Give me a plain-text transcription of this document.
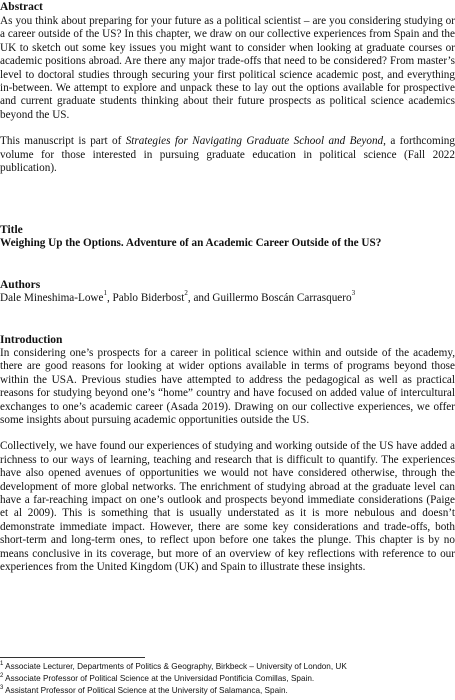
Abstract

As you think about preparing for your future as a political scientist – are you considering studying or a career outside of the US? In this chapter, we draw on our collective experiences from Spain and the UK to sketch out some key issues you might want to consider when looking at graduate courses or academic positions abroad. Are there any major trade-offs that need to be considered? From master’s level to doctoral studies through securing your first political science academic post, and everything in-between. We attempt to explore and unpack these to lay out the options available for prospective and current graduate students thinking about their future prospects as political science academics beyond the US.

This manuscript is part of Strategies for Navigating Graduate School and Beyond, a forthcoming volume for those interested in pursuing graduate education in political science (Fall 2022 publication).

Title

Weighing Up the Options. Adventure of an Academic Career Outside of the US?

Authors

Dale Mineshima-Lowe$^1$, Pablo Biderbost$^2$, and Guillermo Boscán Carrasquero$^3$

Introduction

In considering one’s prospects for a career in political science within and outside of the academy, there are good reasons for looking at wider options available in terms of programs beyond those within the USA. Previous studies have attempted to address the pedagogical as well as practical reasons for studying beyond one’s “home” country and have focused on added value of intercultural exchanges to one’s academic career (Asada 2019). Drawing on our collective experiences, we offer some insights about pursuing academic opportunities outside the US.

Collectively, we have found our experiences of studying and working outside of the US have added a richness to our ways of learning, teaching and research that is difficult to quantify. The experiences have also opened avenues of opportunities we would not have considered otherwise, through the development of more global networks. The enrichment of studying abroad at the graduate level can have a far-reaching impact on one’s outlook and prospects beyond immediate considerations (Paige et al 2009). This is something that is usually understated as it is more nebulous and doesn’t demonstrate immediate impact. However, there are some key considerations and trade-offs, both short-term and long-term ones, to reflect upon before one takes the plunge. This chapter is by no means conclusive in its coverage, but more of an overview of key reflections with reference to our experiences from the United Kingdom (UK) and Spain to illustrate these insights.

$^1$ Associate Lecturer, Departments of Politics & Geography, Birkbeck – University of London, UK
$^2$ Associate Professor of Political Science at the Universidad Pontificia Comillas, Spain.
$^3$ Assistant Professor of Political Science at the University of Salamanca, Spain.
